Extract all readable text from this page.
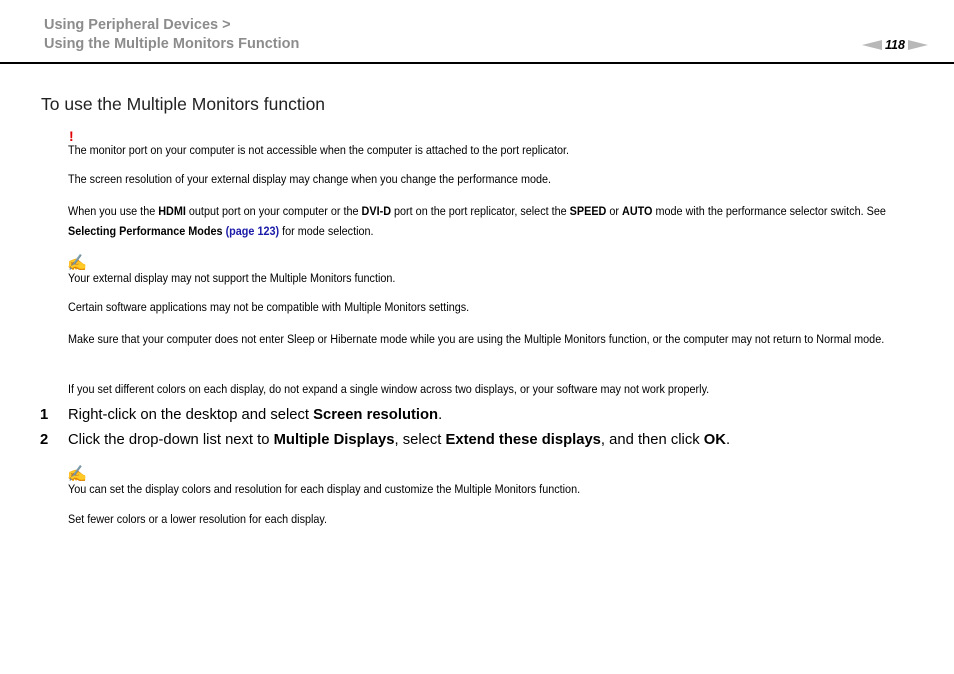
Using Peripheral Devices >
Using the Multiple Monitors Function	118
To use the Multiple Monitors function
!
The monitor port on your computer is not accessible when the computer is attached to the port replicator.
The screen resolution of your external display may change when you change the performance mode.
When you use the HDMI output port on your computer or the DVI-D port on the port replicator, select the SPEED or AUTO mode with the performance selector switch. See Selecting Performance Modes (page 123) for mode selection.
✍
Your external display may not support the Multiple Monitors function.
Certain software applications may not be compatible with Multiple Monitors settings.
Make sure that your computer does not enter Sleep or Hibernate mode while you are using the Multiple Monitors function, or the computer may not return to Normal mode.
If you set different colors on each display, do not expand a single window across two displays, or your software may not work properly.
1 Right-click on the desktop and select Screen resolution.
2 Click the drop-down list next to Multiple Displays, select Extend these displays, and then click OK.
✍
You can set the display colors and resolution for each display and customize the Multiple Monitors function.
Set fewer colors or a lower resolution for each display.
